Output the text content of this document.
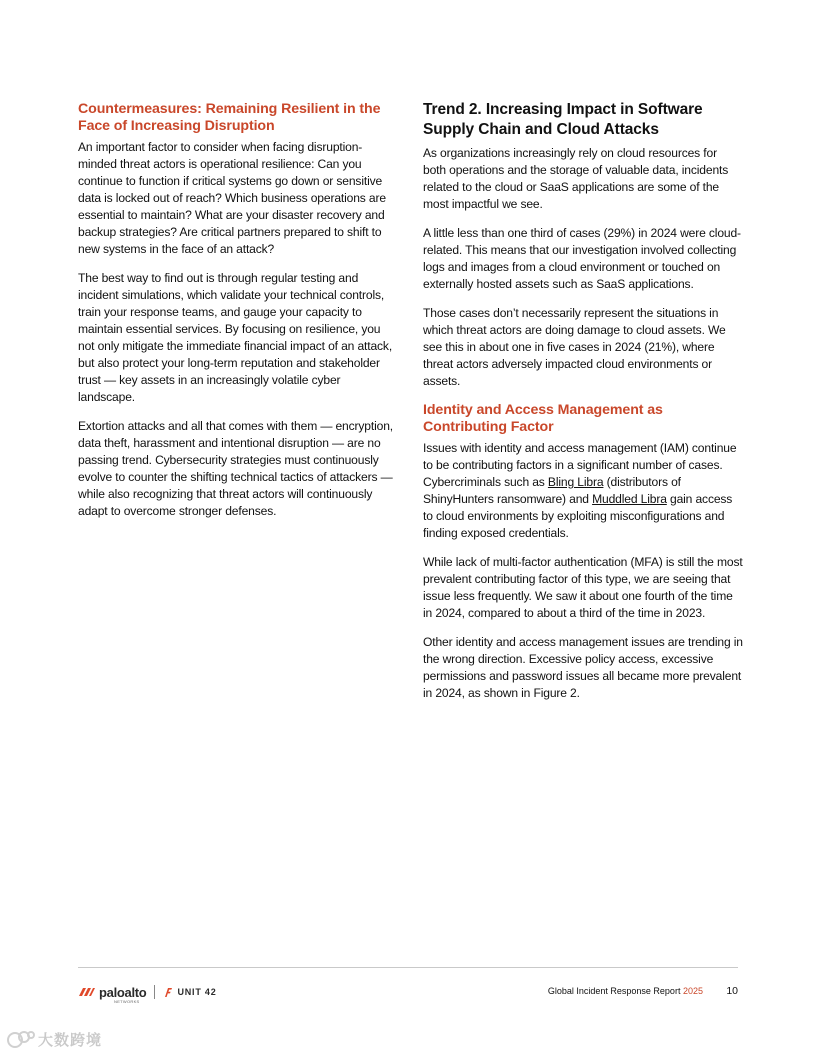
Countermeasures: Remaining Resilient in the Face of Increasing Disruption

An important factor to consider when facing disruption-minded threat actors is operational resilience: Can you continue to function if critical systems go down or sensitive data is locked out of reach? Which business operations are essential to maintain? What are your disaster recovery and backup strategies? Are critical partners prepared to shift to new systems in the face of an attack?

The best way to find out is through regular testing and incident simulations, which validate your technical controls, train your response teams, and gauge your capacity to maintain essential services. By focusing on resilience, you not only mitigate the immediate financial impact of an attack, but also protect your long-term reputation and stakeholder trust — key assets in an increasingly volatile cyber landscape.

Extortion attacks and all that comes with them — encryption, data theft, harassment and intentional disruption — are no passing trend. Cybersecurity strategies must continuously evolve to counter the shifting technical tactics of attackers — while also recognizing that threat actors will continuously adapt to overcome stronger defenses.

Trend 2. Increasing Impact in Software Supply Chain and Cloud Attacks

As organizations increasingly rely on cloud resources for both operations and the storage of valuable data, incidents related to the cloud or SaaS applications are some of the most impactful we see.

A little less than one third of cases (29%) in 2024 were cloud-related. This means that our investigation involved collecting logs and images from a cloud environment or touched on externally hosted assets such as SaaS applications.

Those cases don’t necessarily represent the situations in which threat actors are doing damage to cloud assets. We see this in about one in five cases in 2024 (21%), where threat actors adversely impacted cloud environments or assets.

Identity and Access Management as Contributing Factor

Issues with identity and access management (IAM) continue to be contributing factors in a significant number of cases. Cybercriminals such as Bling Libra (distributors of ShinyHunters ransomware) and Muddled Libra gain access to cloud environments by exploiting misconfigurations and finding exposed credentials.

While lack of multi-factor authentication (MFA) is still the most prevalent contributing factor of this type, we are seeing that issue less frequently. We saw it about one fourth of the time in 2024, compared to about a third of the time in 2023.

Other identity and access management issues are trending in the wrong direction. Excessive policy access, excessive permissions and password issues all became more prevalent in 2024, as shown in Figure 2.

paloalto
NETWORKS
UNIT 42	Global Incident Response Report 2025 10
大数跨境
